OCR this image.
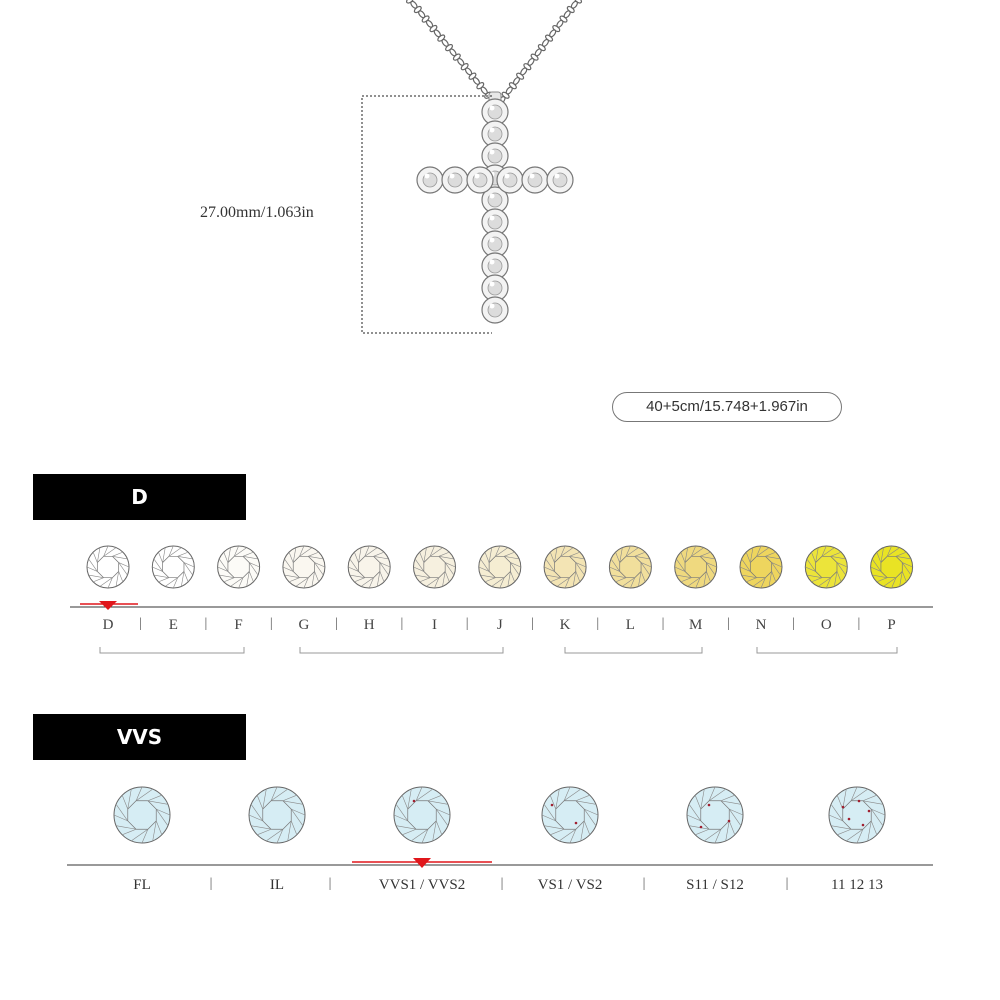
27.00mm/1.063in
40+5cm/15.748+1.967in
D
D | E | F | G | H | I | J | K | L | M | N | O | P
VVS
FL	IL	VVS1 / VVS2	VS1 / VS2	S11 / S12	11 12 13
|	|	|	|	|
